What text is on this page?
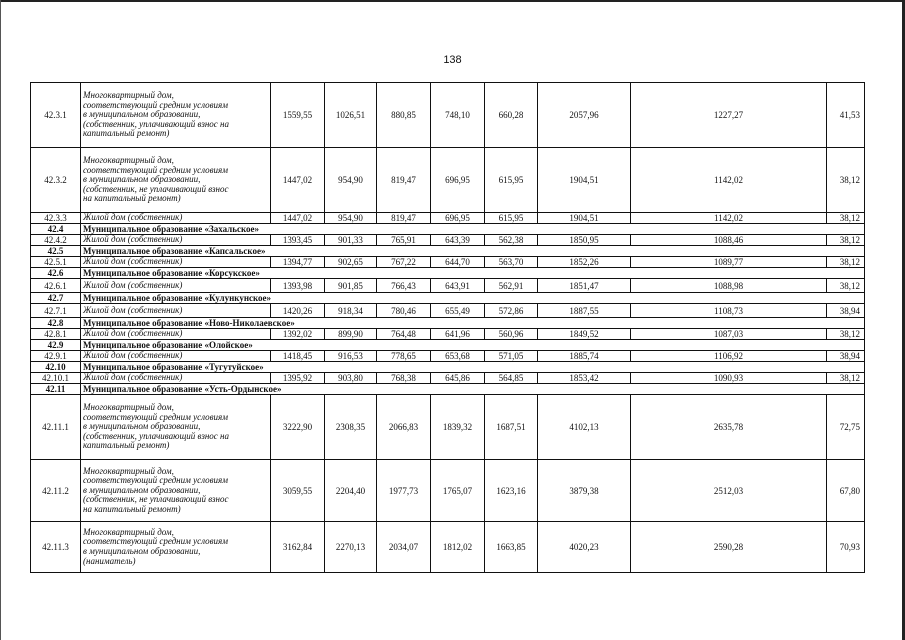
138
42.3.1	Многоквартирный дом,
соответствующий средним условиям
в муниципальном образовании,
(собственник, уплачивающий взнос на
капитальный ремонт)	1559,55	1026,51	880,85	748,10	660,28	2057,96	1227,27	41,53
42.3.2	Многоквартирный дом,
соответствующий средним условиям
в муниципальном образовании,
(собственник, не уплачивающий взнос
на капитальный ремонт)	1447,02	954,90	819,47	696,95	615,95	1904,51	1142,02	38,12
42.3.3	Жилой дом (собственник)	1447,02	954,90	819,47	696,95	615,95	1904,51	1142,02	38,12
42.4	Муниципальное образование «Захальское»								
42.4.2	Жилой дом (собственник)	1393,45	901,33	765,91	643,39	562,38	1850,95	1088,46	38,12
42.5	Муниципальное образование «Капсальское»								
42.5.1	Жилой дом (собственник)	1394,77	902,65	767,22	644,70	563,70	1852,26	1089,77	38,12
42.6	Муниципальное образование «Корсукское»								
42.6.1	Жилой дом (собственник)	1393,98	901,85	766,43	643,91	562,91	1851,47	1088,98	38,12
42.7	Муниципальное образование «Кулункунское»								
42.7.1	Жилой дом (собственник)	1420,26	918,34	780,46	655,49	572,86	1887,55	1108,73	38,94
42.8	Муниципальное образование «Ново-Николаевское»								
42.8.1	Жилой дом (собственник)	1392,02	899,90	764,48	641,96	560,96	1849,52	1087,03	38,12
42.9	Муниципальное образование «Олойское»								
42.9.1	Жилой дом (собственник)	1418,45	916,53	778,65	653,68	571,05	1885,74	1106,92	38,94
42.10	Муниципальное образование «Тугутуйское»								
42.10.1	Жилой дом (собственник)	1395,92	903,80	768,38	645,86	564,85	1853,42	1090,93	38,12
42.11	Муниципальное образование «Усть-Ордынское»								
42.11.1	Многоквартирный дом,
соответствующий средним условиям
в муниципальном образовании,
(собственник, уплачивающий взнос на
капитальный ремонт)	3222,90	2308,35	2066,83	1839,32	1687,51	4102,13	2635,78	72,75
42.11.2	Многоквартирный дом,
соответствующий средним условиям
в муниципальном образовании,
(собственник, не уплачивающий взнос
на капитальный ремонт)	3059,55	2204,40	1977,73	1765,07	1623,16	3879,38	2512,03	67,80
42.11.3	Многоквартирный дом,
соответствующий средним условиям
в муниципальном образовании,
(наниматель)	3162,84	2270,13	2034,07	1812,02	1663,85	4020,23	2590,28	70,93
